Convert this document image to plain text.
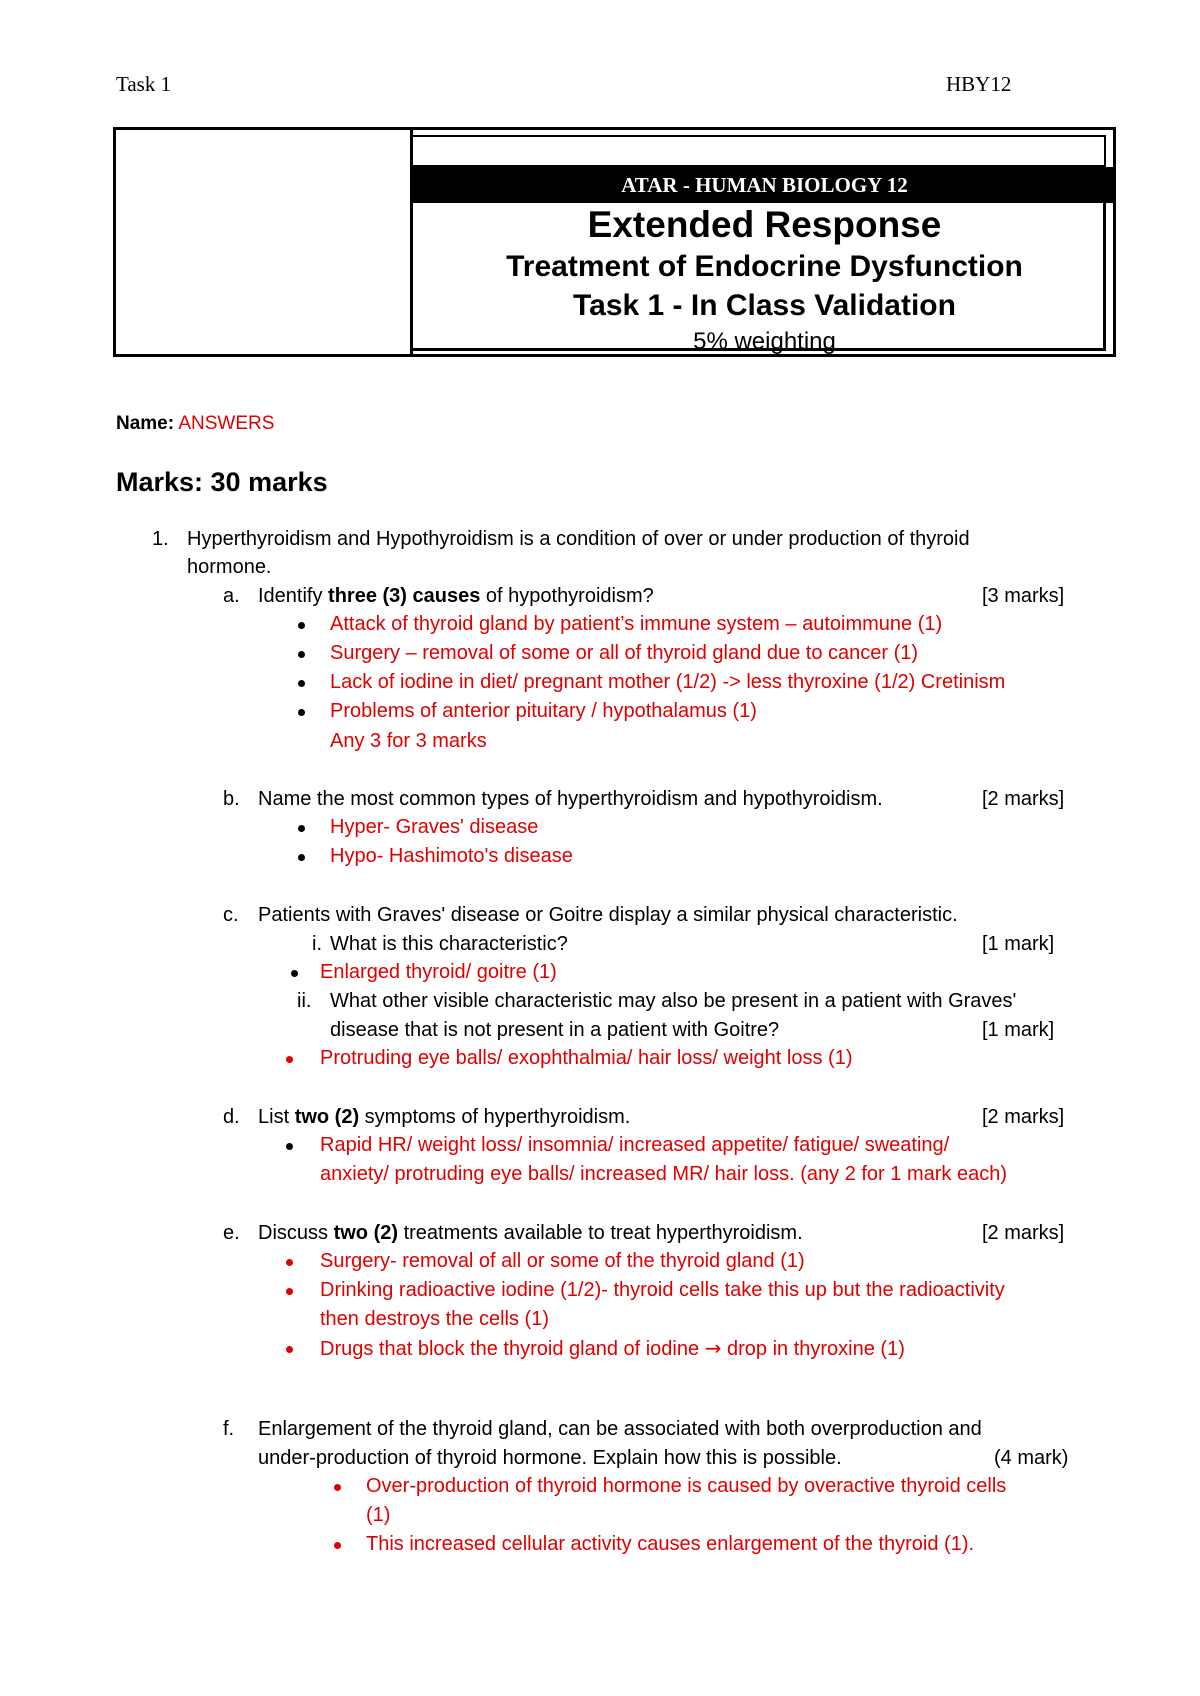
Task 1	HBY12
ATAR - HUMAN BIOLOGY 12
Extended Response
Treatment of Endocrine Dysfunction
Task 1 - In Class Validation
5% weighting
Name: ANSWERS
Marks: 30 marks
1. Hyperthyroidism and Hypothyroidism is a condition of over or under production of thyroid
hormone.
a. Identify three (3) causes of hypothyroidism?	[3 marks]
Attack of thyroid gland by patient’s immune system – autoimmune (1)
Surgery – removal of some or all of thyroid gland due to cancer (1)
Lack of iodine in diet/ pregnant mother (1/2) -> less thyroxine (1/2) Cretinism
Problems of anterior pituitary / hypothalamus (1)
Any 3 for 3 marks
b. Name the most common types of hyperthyroidism and hypothyroidism.	[2 marks]
Hyper- Graves' disease
Hypo- Hashimoto's disease
c. Patients with Graves' disease or Goitre display a similar physical characteristic.
i. What is this characteristic?	[1 mark]
Enlarged thyroid/ goitre (1)
ii. What other visible characteristic may also be present in a patient with Graves'
disease that is not present in a patient with Goitre?	[1 mark]
Protruding eye balls/ exophthalmia/ hair loss/ weight loss (1)
d. List two (2) symptoms of hyperthyroidism.	[2 marks]
Rapid HR/ weight loss/ insomnia/ increased appetite/ fatigue/ sweating/
anxiety/ protruding eye balls/ increased MR/ hair loss. (any 2 for 1 mark each)
e. Discuss two (2) treatments available to treat hyperthyroidism.	[2 marks]
Surgery- removal of all or some of the thyroid gland (1)
Drinking radioactive iodine (1/2)- thyroid cells take this up but the radioactivity
then destroys the cells (1)
Drugs that block the thyroid gland of iodine → drop in thyroxine (1)
f. Enlargement of the thyroid gland, can be associated with both overproduction and
under-production of thyroid hormone. Explain how this is possible.	(4 mark)
Over-production of thyroid hormone is caused by overactive thyroid cells
(1)
This increased cellular activity causes enlargement of the thyroid (1).
